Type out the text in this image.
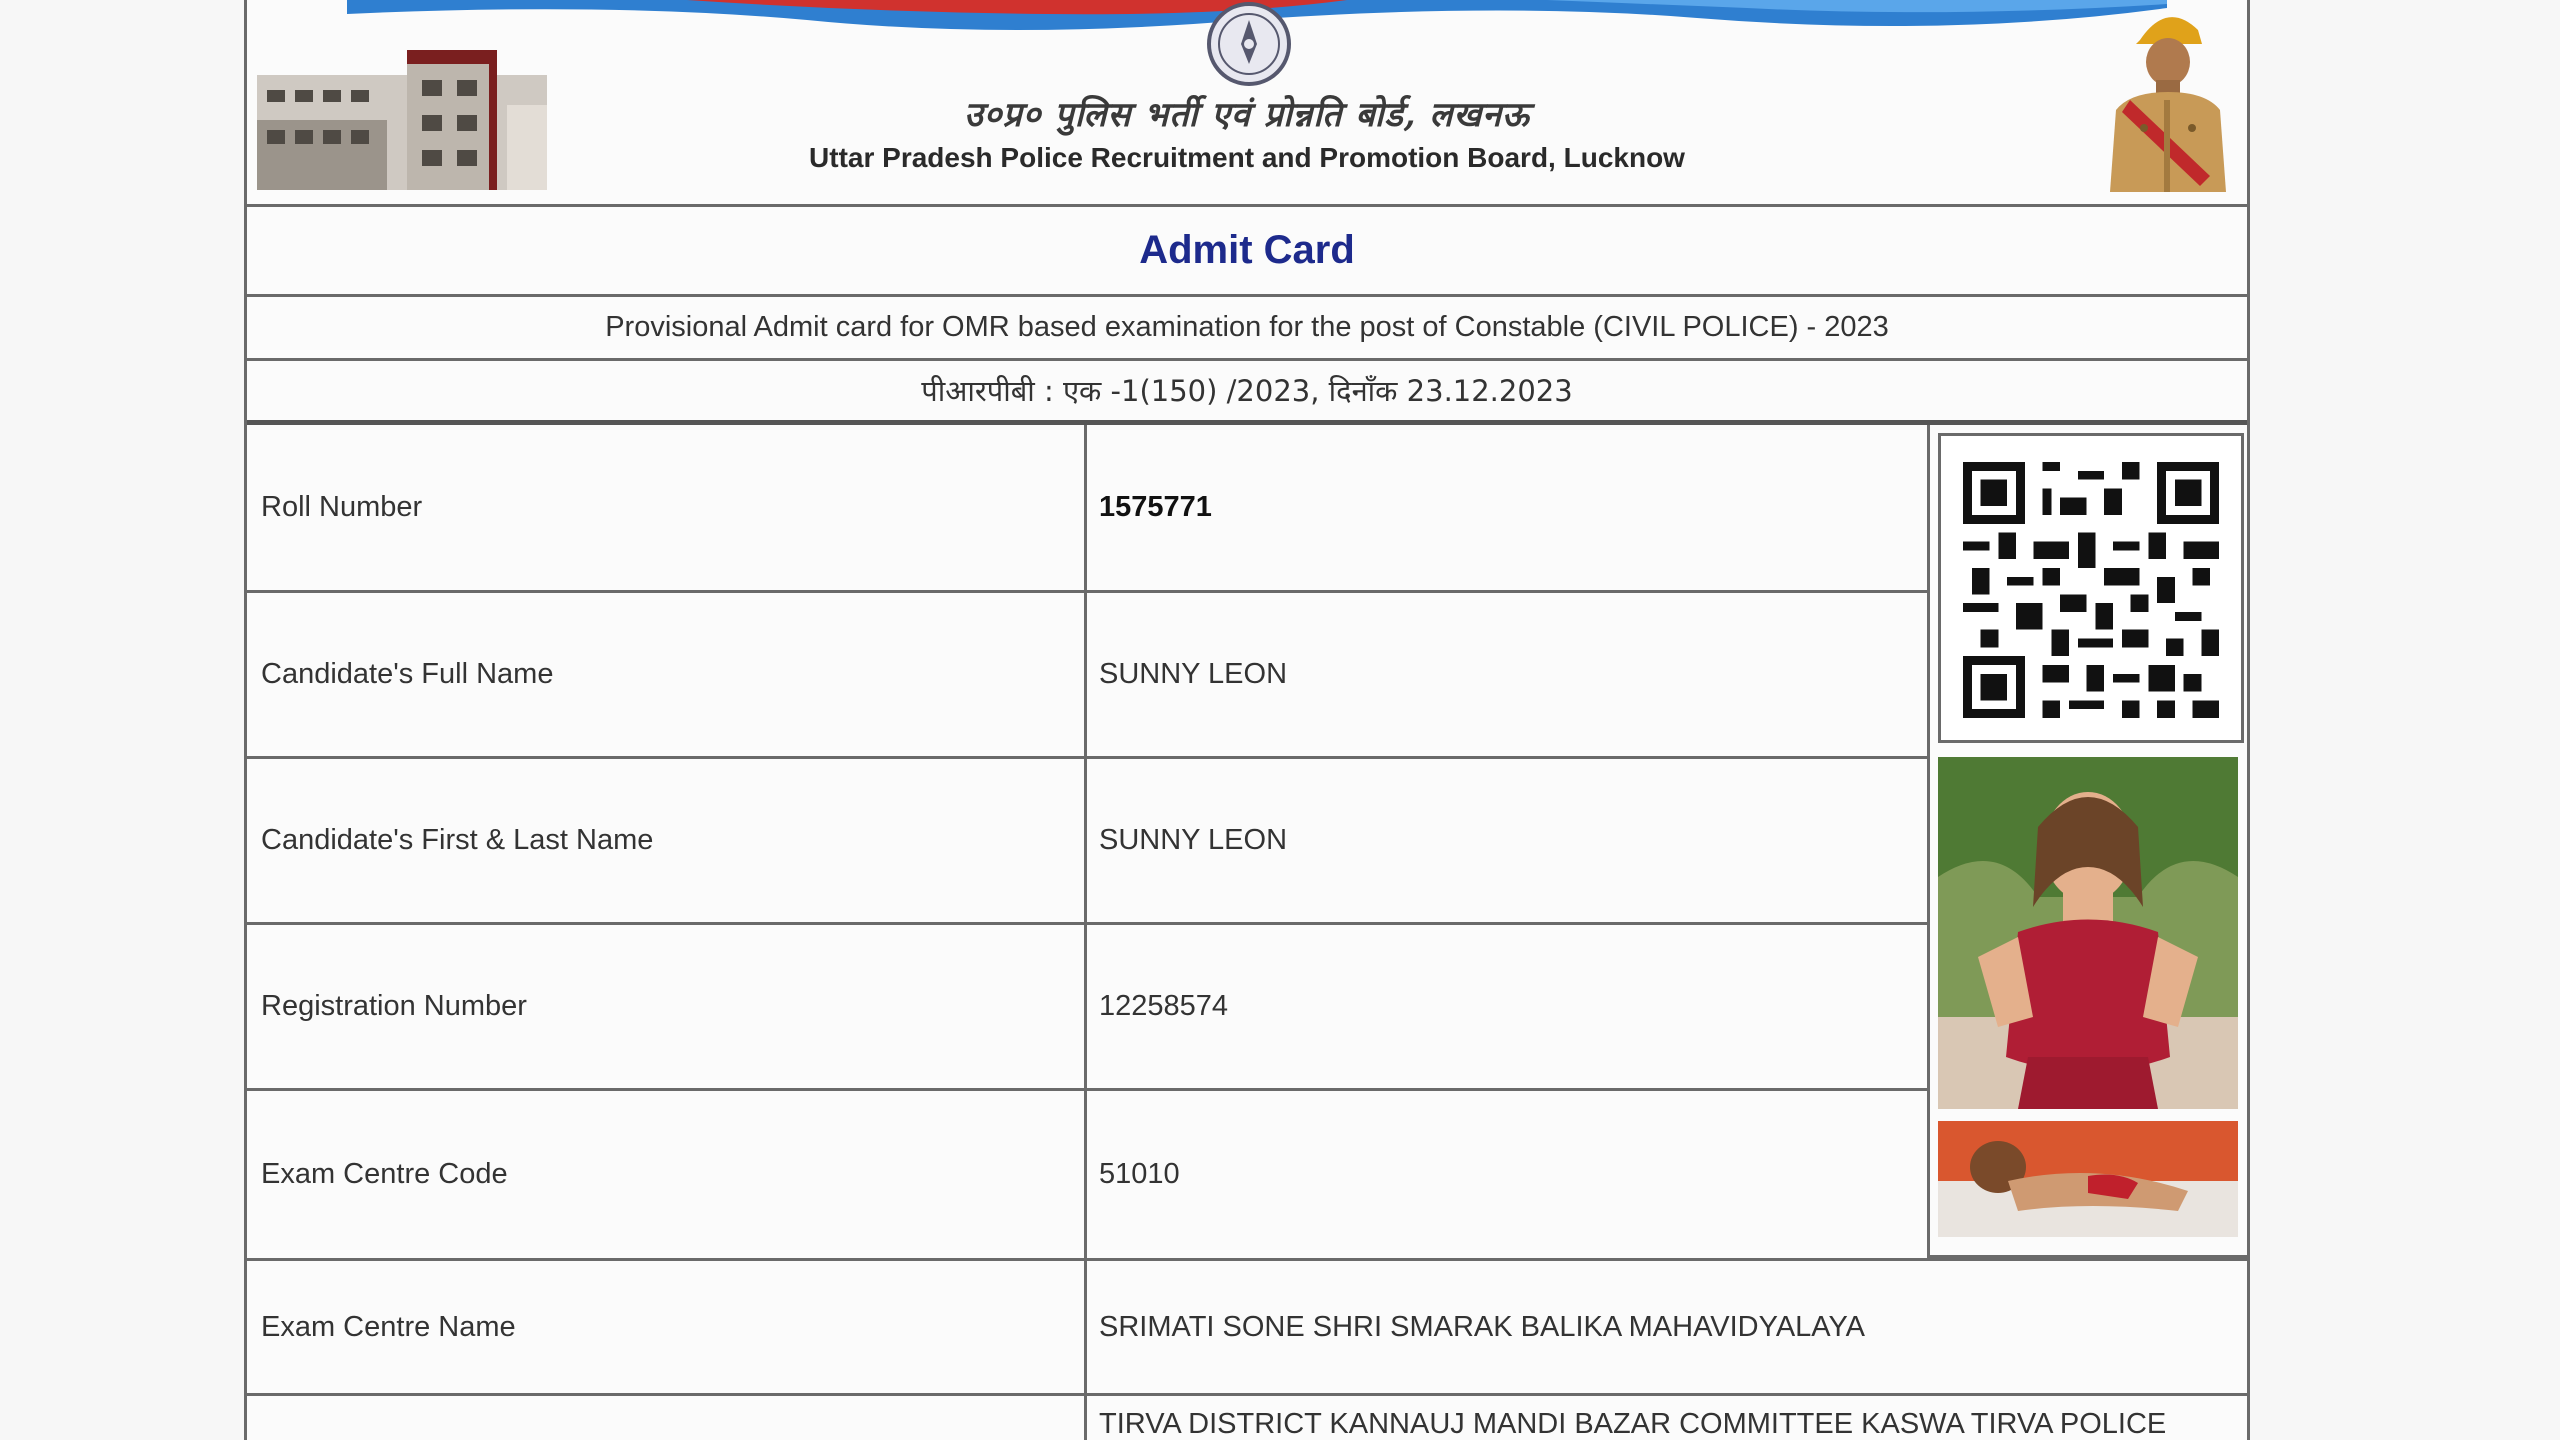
उ०प्र० पुलिस भर्ती एवं प्रोन्नति बोर्ड, लखनऊ
Uttar Pradesh Police Recruitment and Promotion Board, Lucknow
Admit Card
Provisional Admit card for OMR based examination for the post of Constable (CIVIL POLICE) - 2023
पीआरपीबी : एक -1(150) /2023, दिनाँक 23.12.2023
Roll Number	1575771
Candidate's Full Name	SUNNY LEON
Candidate's First & Last Name	SUNNY LEON
Registration Number	12258574
Exam Centre Code	51010
Exam Centre Name	SRIMATI SONE SHRI SMARAK BALIKA MAHAVIDYALAYA
TIRVA DISTRICT KANNAUJ MANDI BAZAR COMMITTEE KASWA TIRVA POLICE
